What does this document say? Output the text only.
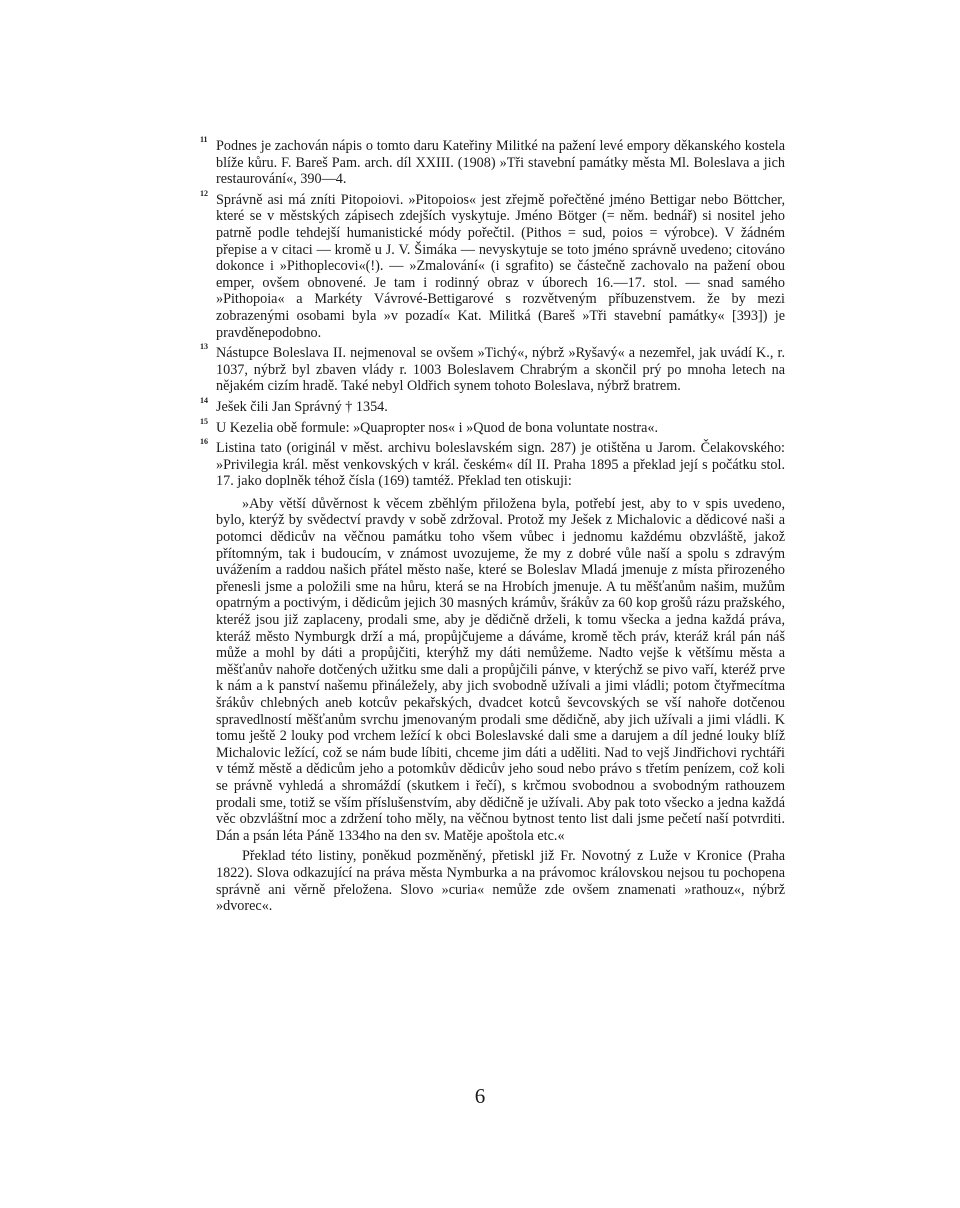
11 Podnes je zachován nápis o tomto daru Kateřiny Militké na pažení levé empory děkanského kostela blíže kůru. F. Bareš Pam. arch. díl XXIII. (1908) »Tři stavební památky města Ml. Boleslava a jich restaurování«, 390—4.
12 Správně asi má zníti Pitopoiovi. »Pitopoios« jest zřejmě pořečtěné jméno Bettigar nebo Böttcher, které se v městských zápisech zdejších vyskytuje. Jméno Bötger (= něm. bednář) si nositel jeho patrně podle tehdejší humanistické módy pořečtil. (Pithos = sud, poios = výrobce). V žádném přepise a v citaci — kromě u J. V. Šimáka — nevyskytuje se toto jméno správně uvedeno; citováno dokonce i »Pithoplecovi«(!). — »Zmalování« (i sgrafito) se částečně zachovalo na pažení obou emper, ovšem obnovené. Je tam i rodinný obraz v úborech 16.—17. stol. — snad samého »Pithopoia« a Markéty Vávrové-Bettigarové s rozvětveným příbuzenstvem. že by mezi zobrazenými osobami byla »v pozadí« Kat. Militká (Bareš »Tři stavební památky« [393]) je pravděnepodobno.
13 Nástupce Boleslava II. nejmenoval se ovšem »Tichý«, nýbrž »Ryšavý« a nezemřel, jak uvádí K., r. 1037, nýbrž byl zbaven vlády r. 1003 Boleslavem Chrabrým a skončil prý po mnoha letech na nějakém cizím hradě. Také nebyl Oldřich synem tohoto Boleslava, nýbrž bratrem.
14 Ješek čili Jan Správný † 1354.
15 U Kezelia obě formule: »Quapropter nos« i »Quod de bona voluntate nostra«.
16 Listina tato (originál v měst. archivu boleslavském sign. 287) je otištěna u Jarom. Čelakovského: »Privilegia král. měst venkovských v král. českém« díl II. Praha 1895 a překlad její s počátku stol. 17. jako doplněk téhož čísla (169) tamtéž. Překlad ten otiskuji:

»Aby větší důvěrnost k věcem zběhlým přiložena byla, potřebí jest, aby to v spis uvedeno, bylo, kterýž by svědectví pravdy v sobě zdržoval. Protož my Ješek z Michalovic a dědicové naši a potomci dědicův na věčnou památku toho všem vůbec i jednomu každému obzvláště, jakož přítomným, tak i budoucím, v známost uvozujeme, že my z dobré vůle naší a spolu s zdravým uvážením a raddou našich přátel město naše, které se Boleslav Mladá jmenuje z místa přirozeného přenesli jsme a položili sme na hůru, která se na Hrobích jmenuje. A tu měšťanům našim, mužům opatrným a poctivým, i dědicům jejich 30 masných krámův, šrákův za 60 kop grošů rázu pražského, kteréž jsou již zaplaceny, prodali sme, aby je dědičně drželi, k tomu všecka a jedna každá práva, kteráž město Nymburgk drží a má, propůjčujeme a dáváme, kromě těch práv, kteráž král pán náš může a mohl by dáti a propůjčiti, kterýhž my dáti nemůžeme. Nadto vejše k většímu města a měšťanův nahoře dotčených užitku sme dali a propůjčili pánve, v kterýchž se pivo vaří, kteréž prve k nám a k panství našemu přináležely, aby jich svobodně užívali a jimi vládli; potom čtyřmecítma šrákův chlebných aneb kotcův pekařských, dvadcet kotců ševcovských se vší nahoře dotčenou spravedlností měšťanům svrchu jmenovaným prodali sme dědičně, aby jich užívali a jimi vládli. K tomu ještě 2 louky pod vrchem ležící k obci Boleslavské dali sme a darujem a díl jedné louky blíž Michalovic ležící, což se nám bude líbiti, chceme jim dáti a uděliti. Nad to vejš Jindřichovi rychtáři v témž městě a dědicům jeho a potomkův dědicův jeho soud nebo právo s třetím penízem, což koli se právně vyhledá a shromáždí (skutkem i řečí), s krčmou svobodnou a svobodným rathouzem prodali sme, totiž se vším příslušenstvím, aby dědičně je užívali. Aby pak toto všecko a jedna každá věc obzvláštní moc a zdržení toho měly, na věčnou bytnost tento list dali jsme pečetí naší potvrditi. Dán a psán léta Páně 1334ho na den sv. Matěje apoštola etc.«

Překlad této listiny, poněkud pozměněný, přetiskl již Fr. Novotný z Luže v Kronice (Praha 1822). Slova odkazující na práva města Nymburka a na právomoc královskou nejsou tu pochopena správně ani věrně přeložena. Slovo »curia« nemůže zde ovšem znamenati »rathouz«, nýbrž »dvorec«.

6
